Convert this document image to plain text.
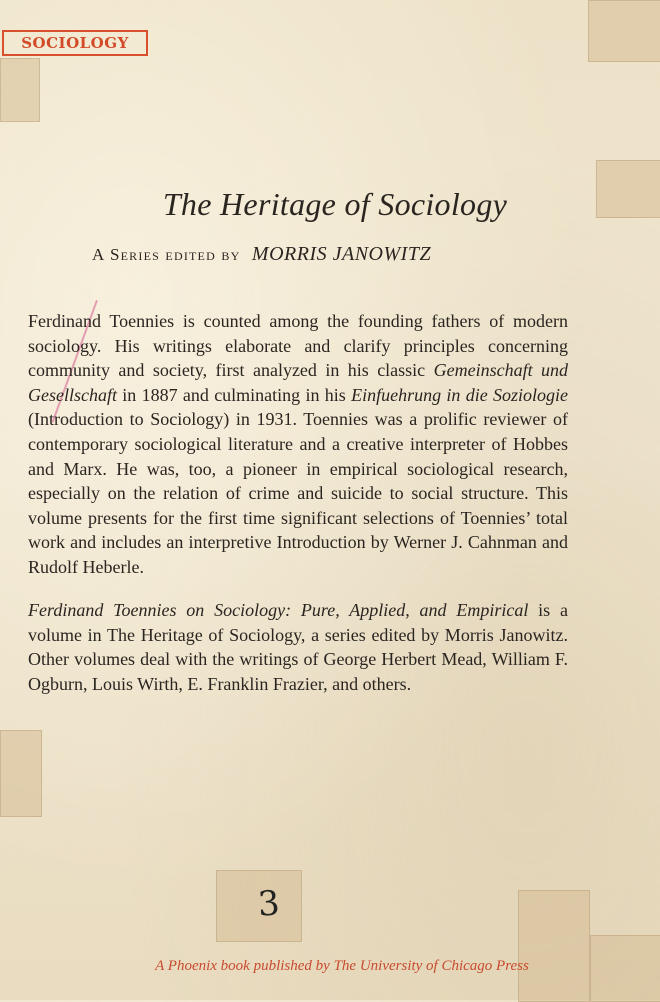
SOCIOLOGY
The Heritage of Sociology
A Series edited by MORRIS JANOWITZ

Ferdinand Toennies is counted among the founding fathers of modern sociology. His writings elaborate and clarify principles concerning community and society, first analyzed in his classic Gemeinschaft und Gesellschaft in 1887 and culminating in his Einfuehrung in die Soziologie (Introduction to Sociology) in 1931. Toennies was a prolific reviewer of contemporary sociological literature and a creative interpreter of Hobbes and Marx. He was, too, a pioneer in empirical sociological research, especially on the relation of crime and suicide to social structure. This volume presents for the first time significant selections of Toennies’ total work and includes an interpretive Introduction by Werner J. Cahnman and Rudolf Heberle.

Ferdinand Toennies on Sociology: Pure, Applied, and Empirical is a volume in The Heritage of Sociology, a series edited by Morris Janowitz. Other volumes deal with the writings of George Herbert Mead, William F. Ogburn, Louis Wirth, E. Franklin Frazier, and others.

3
A Phoenix book published by The University of Chicago Press
